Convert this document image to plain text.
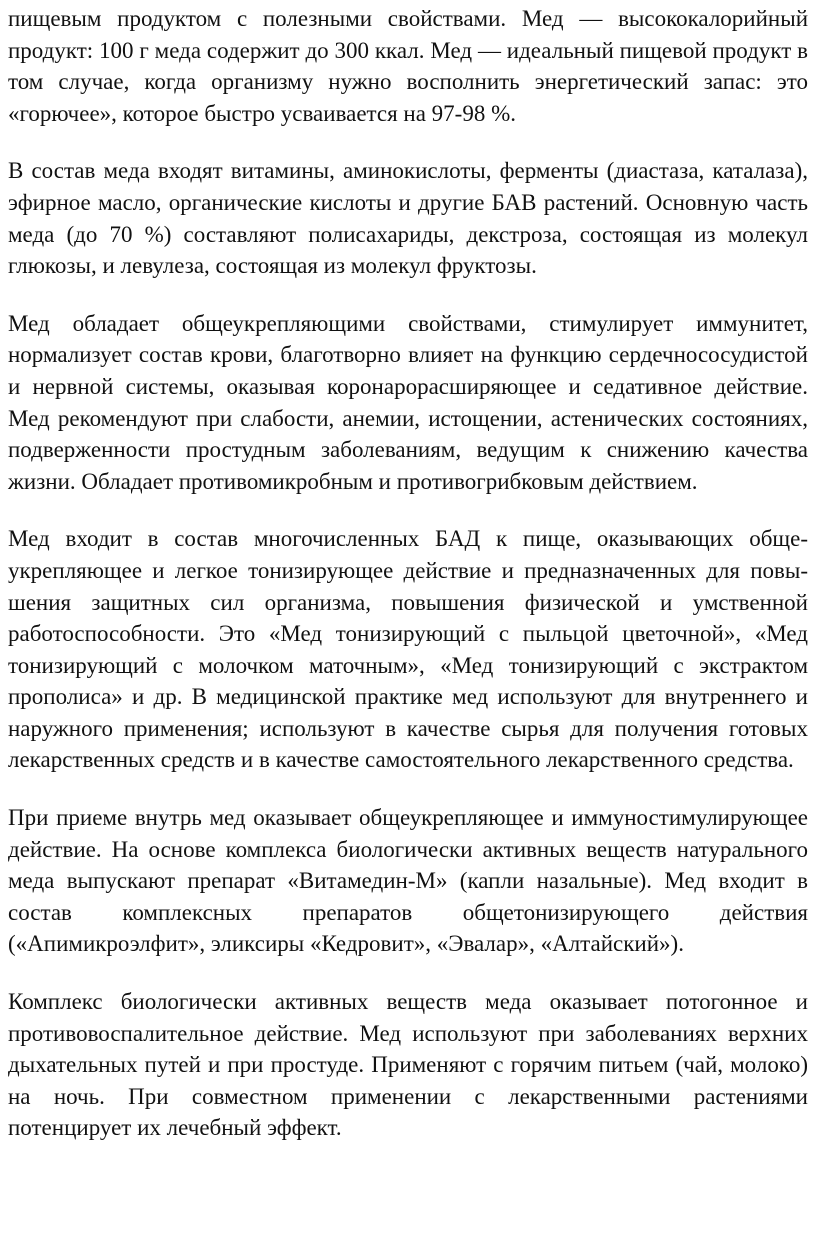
пищевым продуктом с полезными свойствами. Мед — высококалорийный продукт: 100 г меда содержит до 300 ккал. Мед — идеальный пищевой продукт в том случае, когда организму нужно восполнить энергетический запас: это «горючее», которое быстро усваивается на 97-98 %.

В состав меда входят витамины, аминокислоты, ферменты (диастаза, каталаза), эфирное масло, органические кислоты и другие БАВ растений. Основную часть меда (до 70 %) составляют полисахариды, декстроза, состоящая из молекул глюкозы, и левулеза, состоящая из молекул фруктозы.

Мед обладает общеукрепляющими свойствами, стимулирует иммунитет, нормализует состав крови, благотворно влияет на функцию сердечнососудистой и нервной системы, оказывая коронарорасширяющее и седативное действие. Мед рекомендуют при слабости, анемии, истощении, астенических состояниях, подверженности простудным заболеваниям, ведущим к снижению качества жизни. Обладает противомикробным и противогрибковым действием.

Мед входит в состав многочисленных БАД к пище, оказывающих общеукрепляющее и легкое тонизирующее действие и предназначенных для повышения защитных сил организма, повышения физической и умственной работоспособности. Это «Мед тонизирующий с пыльцой цветочной», «Мед тонизирующий с молочком маточным», «Мед тонизирующий с экстрактом прополиса» и др. В медицинской практике мед используют для внутреннего и наружного применения; используют в качестве сырья для получения готовых лекарственных средств и в качестве самостоятельного лекарственного средства.

При приеме внутрь мед оказывает общеукрепляющее и иммуностимулирующее действие. На основе комплекса биологически активных веществ натурального меда выпускают препарат «Витамедин-М» (капли назальные). Мед входит в состав комплексных препаратов общетонизирующего действия («Апимикроэлфит», эликсиры «Кедровит», «Эвалар», «Алтайский»).

Комплекс биологически активных веществ меда оказывает потогонное и противовоспалительное действие. Мед используют при заболеваниях верхних дыхательных путей и при простуде. Применяют с горячим питьем (чай, молоко) на ночь. При совместном применении с лекарственными растениями потенцирует их лечебный эффект.
